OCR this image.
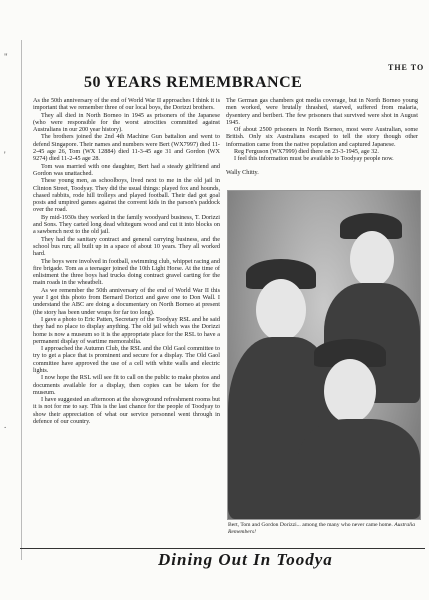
"
'
.
THE TO
50 YEARS REMEMBRANCE

As the 50th anniversary of the end of World War II approaches I think it is important that we remember three of our local boys, the Dorizzi brothers.

They all died in North Borneo in 1945 as prisoners of the Japanese (who were responsible for the worst atrocities committed against Australians in our 200 year history).

The brothers joined the 2nd 4th Machine Gun battalion and went to defend Singapore. Their names and numbers were Bert (WX7997) died 11-2-45 age 26, Tom (WX 12884) died 11-3-45 age 31 and Gordon (WX 9274) died 11-2-45 age 28.

Tom was married with one daughter, Bert had a steady girlfriend and Gordon was unattached.

These young men, as schoolboys, lived next to me in the old jail in Clinton Street, Toodyay. They did the usual things: played fox and hounds, chased rabbits, rode hill trolleys and played football. Their dad got goal posts and umpired games against the convent kids in the parson's paddock over the road.

By mid-1930s they worked in the family woodyard business, T. Dorizzi and Sons. They carted long dead whitegum wood and cut it into blocks on a sawbench next to the old jail.

They had the sanitary contract and general carrying business, and the school bus run; all built up in a space of about 10 years. They all worked hard.

The boys were involved in football, swimming club, whippet racing and fire brigade. Tom as a teenager joined the 10th Light Horse. At the time of enlistment the three boys had trucks doing contract gravel carting for the main roads in the wheatbelt.

As we remember the 50th anniversary of the end of World War II this year I got this photo from Bernard Dorizzi and gave one to Don Wall. I understand the ABC are doing a documentary on North Borneo at present (the story has been under wraps for far too long).

I gave a photo to Eric Patten, Secretary of the Toodyay RSL and he said they had no place to display anything. The old jail which was the Dorizzi home is now a museum so it is the appropriate place for the RSL to have a permanent display of wartime memorabilia.

I approached the Autumn Club, the RSL and the Old Gaol committee to try to get a place that is prominent and secure for a display. The Old Gaol committee have approved the use of a cell with white walls and electric lights.

I now hope the RSL will see fit to call on the public to make photos and documents available for a display, then copies can be taken for the museum.

I have suggested an afternoon at the showground refreshment rooms but it is not for me to say. This is the last chance for the people of Toodyay to show their appreciation of what our service personnel went through in defence of our country.

The German gas chambers got media coverage, but in North Borneo young men worked, were brutally thrashed, starved, suffered from malaria, dysentery and beriberi. The few prisoners that survived were shot in August 1945.

Of about 2500 prisoners in North Borneo, most were Australian, some British. Only six Australians escaped to tell the story though other information came from the native population and captured Japanese.

Reg Ferguson (WX7999) died there on 23-3-1945, age 32.

I feel this information must be available to Toodyay people now.

Wally Chitty.

Bert, Tom and Gordon Dorizzi... among the many who never came home. Australia Remembers!
Dining Out In Toodya
